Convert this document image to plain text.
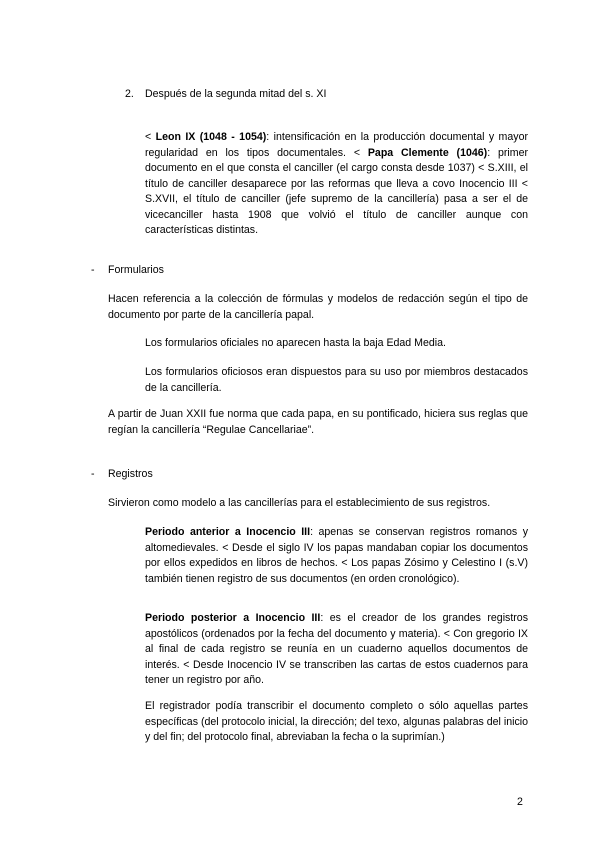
2. Después de la segunda mitad del s. XI

< Leon IX (1048 - 1054): intensificación en la producción documental y mayor regularidad en los tipos documentales. < Papa Clemente (1046): primer documento en el que consta el canciller (el cargo consta desde 1037) < S.XIII, el título de canciller desaparece por las reformas que lleva a covo Inocencio III < S.XVII, el título de canciller (jefe supremo de la cancillería) pasa a ser el de vicecanciller hasta 1908 que volvió el título de canciller aunque con características distintas.

- Formularios

Hacen referencia a la colección de fórmulas y modelos de redacción según el tipo de documento por parte de la cancillería papal.

Los formularios oficiales no aparecen hasta la baja Edad Media.

Los formularios oficiosos eran dispuestos para su uso por miembros destacados de la cancillería.

A partir de Juan XXII fue norma que cada papa, en su pontificado, hiciera sus reglas que regían la cancillería “Regulae Cancellariae”.

- Registros

Sirvieron como modelo a las cancillerías para el establecimiento de sus registros.

Periodo anterior a Inocencio III: apenas se conservan registros romanos y altomedievales. < Desde el siglo IV los papas mandaban copiar los documentos por ellos expedidos en libros de hechos. < Los papas Zósimo y Celestino I (s.V) también tienen registro de sus documentos (en orden cronológico).

Periodo posterior a Inocencio III: es el creador de los grandes registros apostólicos (ordenados por la fecha del documento y materia). < Con gregorio IX al final de cada registro se reunía en un cuaderno aquellos documentos de interés. < Desde Inocencio IV se transcriben las cartas de estos cuadernos para tener un registro por año.

El registrador podía transcribir el documento completo o sólo aquellas partes específicas (del protocolo inicial, la dirección; del texo, algunas palabras del inicio y del fin; del protocolo final, abreviaban la fecha o la suprimían.)

2
